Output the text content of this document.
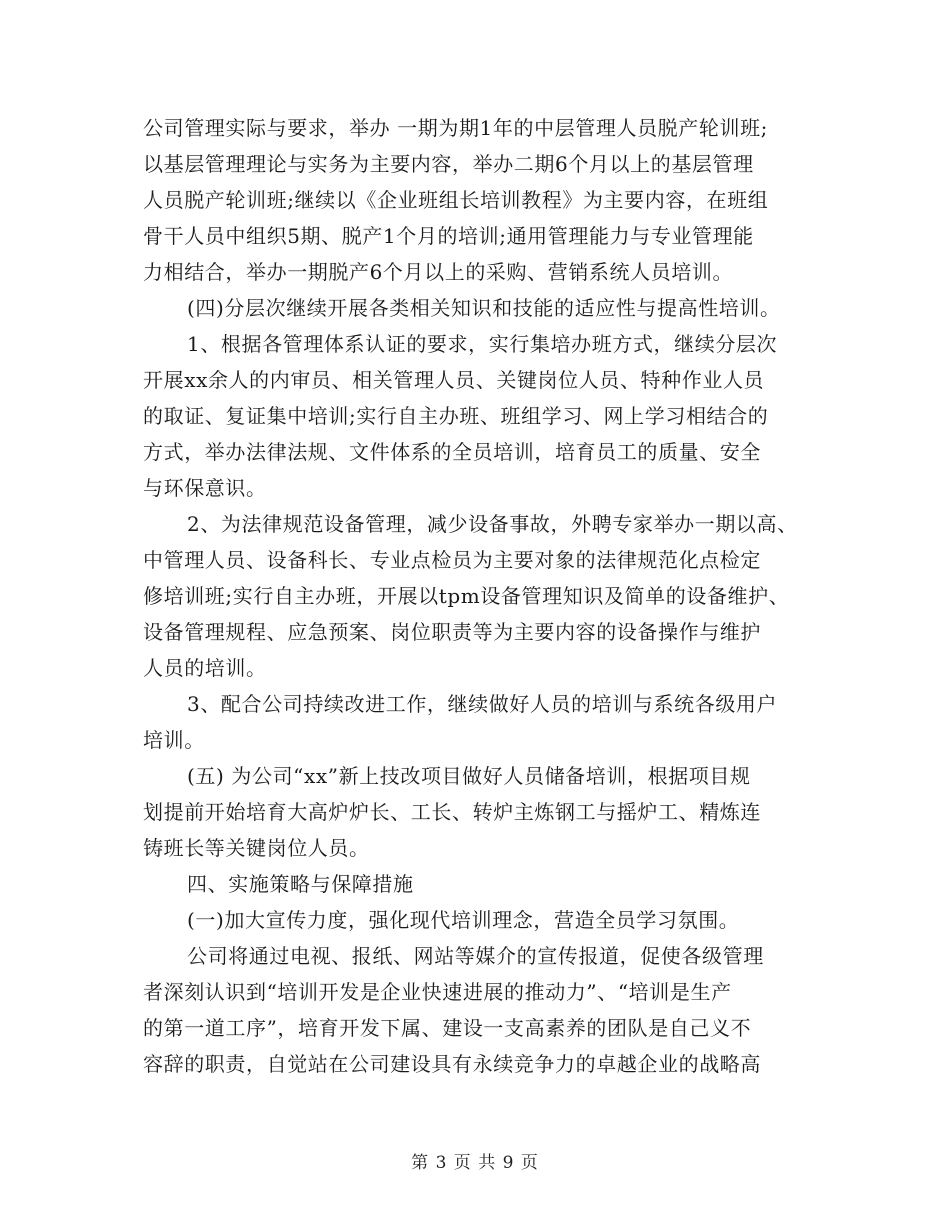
公司管理实际与要求，举办 一期为期1年的中层管理人员脱产轮训班;
以基层管理理论与实务为主要内容，举办二期6个月以上的基层管理
人员脱产轮训班;继续以《企业班组长培训教程》为主要内容，在班组
骨干人员中组织5期、脱产1个月的培训;通用管理能力与专业管理能
力相结合，举办一期脱产6个月以上的采购、营销系统人员培训。
(四)分层次继续开展各类相关知识和技能的适应性与提高性培训。
1、根据各管理体系认证的要求，实行集培办班方式，继续分层次
开展xx余人的内审员、相关管理人员、关键岗位人员、特种作业人员
的取证、复证集中培训;实行自主办班、班组学习、网上学习相结合的
方式，举办法律法规、文件体系的全员培训，培育员工的质量、安全
与环保意识。
2、为法律规范设备管理，减少设备事故，外聘专家举办一期以高、
中管理人员、设备科长、专业点检员为主要对象的法律规范化点检定
修培训班;实行自主办班，开展以tpm设备管理知识及简单的设备维护、
设备管理规程、应急预案、岗位职责等为主要内容的设备操作与维护
人员的培训。
3、配合公司持续改进工作，继续做好人员的培训与系统各级用户
培训。
(五) 为公司“xx”新上技改项目做好人员储备培训，根据项目规
划提前开始培育大高炉炉长、工长、转炉主炼钢工与摇炉工、精炼连
铸班长等关键岗位人员。
四、实施策略与保障措施
(一)加大宣传力度，强化现代培训理念，营造全员学习氛围。
公司将通过电视、报纸、网站等媒介的宣传报道，促使各级管理
者深刻认识到“培训开发是企业快速进展的推动力”、“培训是生产
的第一道工序”，培育开发下属、建设一支高素养的团队是自己义不
容辞的职责，自觉站在公司建设具有永续竞争力的卓越企业的战略高
第 3 页 共 9 页
